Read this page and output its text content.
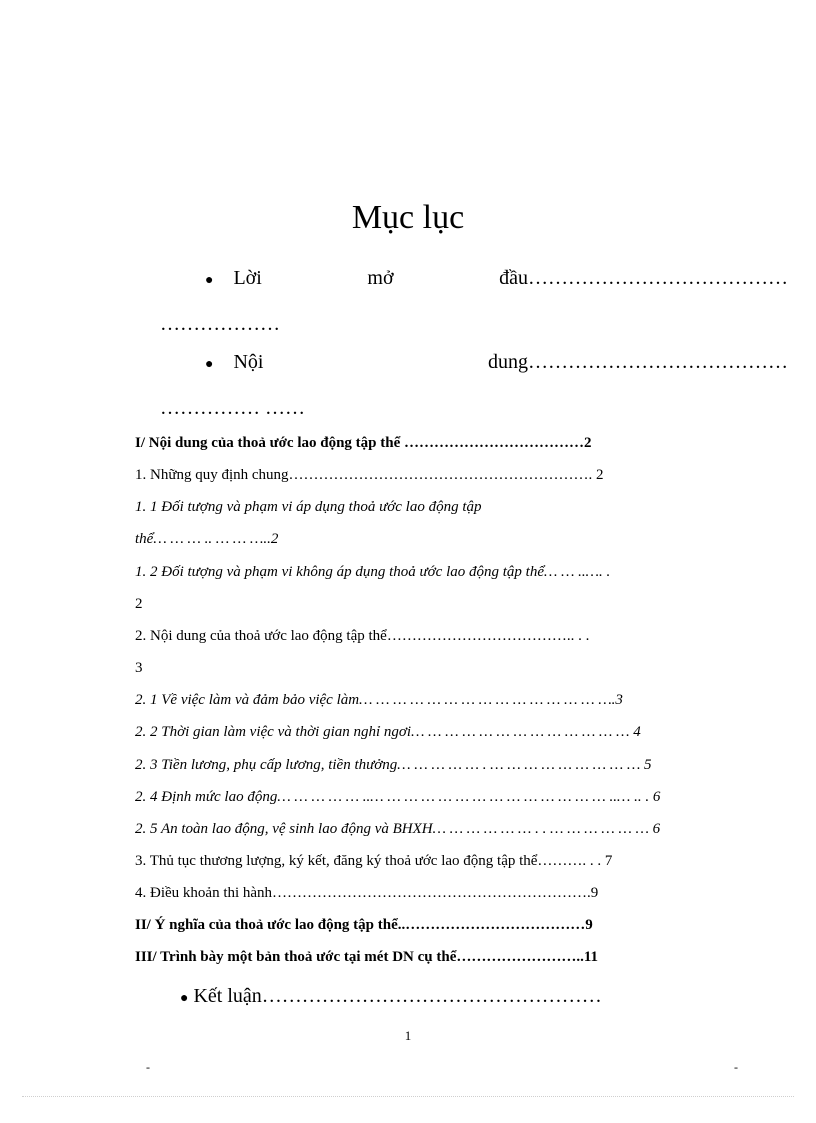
Mục lục
● Lời	mở	đầu…………………………………
………………
● Nội	dung…………………………………
…………… ……
I/ Nội dung của thoả ước lao động tập thể ………………………………2
1. Những quy định chung……………………………………………………. 2
1. 1 Đối tượng và phạm vi áp dụng thoả ước lao động tập
thể… … … .. … … …..2
1. 2 Đối tượng và phạm vi không áp dụng thoả ước lao động tập thể… … ..…. .
2
2. Nội dung của thoả ước lao động tập thể……………………………….. . .
3
2. 1 Về việc làm và đảm bảo việc làm… … … … … … … … … … … … … … ….3
2. 2 Thời gian làm việc và thời gian nghỉ ngơi… … … … … … … … … … … … … 4
2. 3 Tiền lương, phụ cấp lương, tiền thưởng… … … … … . … … … … … … … … … 5
2. 4 Định mức lao động… … … … … ..… … … … … … … … … … … … … … ..… .. . 6
2. 5 An toàn lao động, vệ sinh lao động và BHXH… … … … … … . . … … … … … … 6
3. Thủ tục thương lượng, ký kết, đăng ký thoả ước lao động tập thể………. . . 7
4. Điều khoản thi hành……………………………………………………….9
II/ Ý nghĩa của thoả ước lao động tập thể..………………………………9
III/ Trình bày một bản thoả ước tại mét DN cụ thể……………………..11
● Kết luận……………………………………………
1
-	-
